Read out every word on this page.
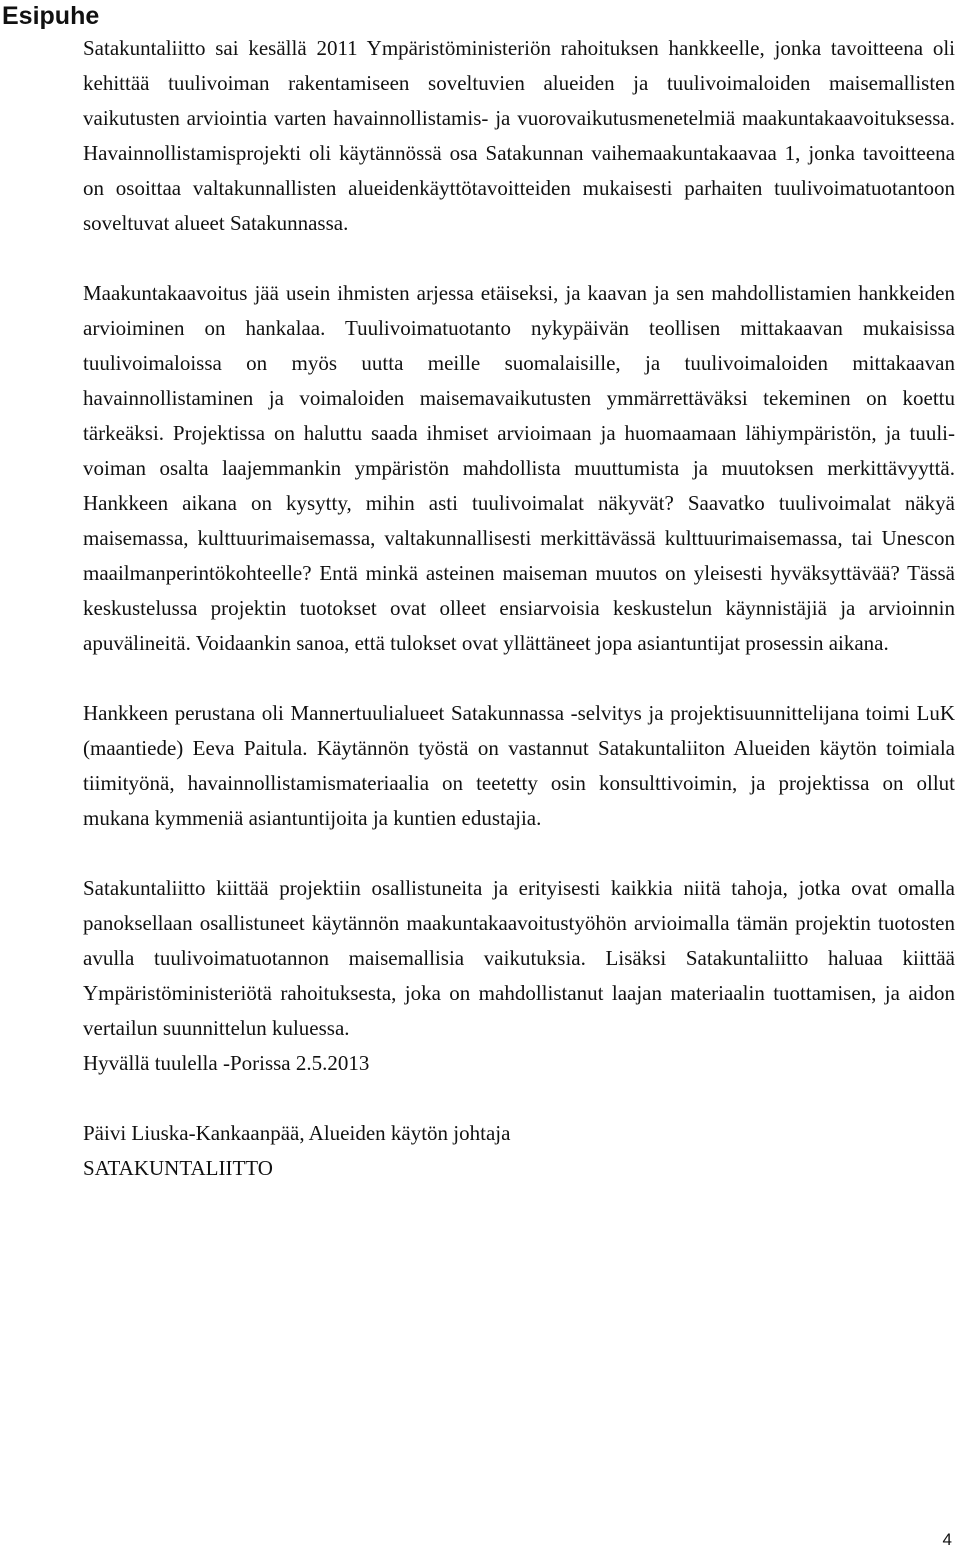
Esipuhe

Satakuntaliitto sai kesällä 2011 Ympäristöministeriön rahoituksen hankkeelle, jonka tavoitteena oli kehittää tuulivoiman rakentamiseen soveltuvien alueiden ja tuulivoimaloiden maisemallisten vaikutusten arviointia varten havainnollistamis- ja vuorovaikutusmenetelmiä maakuntakaavoituksessa. Havainnollistamisprojekti oli käytännössä osa Satakunnan vaihemaakuntakaavaa 1, jonka tavoitteena on osoittaa valtakunnallisten alueidenkäyttötavoitteiden mukaisesti parhaiten tuulivoimatuotantoon soveltuvat alueet Satakunnassa.

Maakuntakaavoitus jää usein ihmisten arjessa etäiseksi, ja kaavan ja sen mahdollistamien hankkeiden arvioiminen on hankalaa. Tuulivoimatuotanto nykypäivän teollisen mittakaavan mukaisissa tuulivoimaloissa on myös uutta meille suomalaisille, ja tuulivoimaloiden mittakaavan havainnollistaminen ja voimaloiden maisemavaikutusten ymmärrettäväksi tekeminen on koettu tärkeäksi. Projektissa on haluttu saada ihmiset arvioimaan ja huomaamaan lähiympäristön, ja tuulivoiman osalta laajemmankin ympäristön mahdollista muuttumista ja muutoksen merkittävyyttä. Hankkeen aikana on kysytty, mihin asti tuulivoimalat näkyvät? Saavatko tuulivoimalat näkyä maisemassa, kulttuurimaisemassa, valtakunnallisesti merkittävässä kulttuurimaisemassa, tai Unescon maailmanperintökohteelle? Entä minkä asteinen maiseman muutos on yleisesti hyväksyttävää? Tässä keskustelussa projektin tuotokset ovat olleet ensiarvoisia keskustelun käynnistäjiä ja arvioinnin apuvälineitä. Voidaankin sanoa, että tulokset ovat yllättäneet jopa asiantuntijat prosessin aikana.

Hankkeen perustana oli Mannertuulialueet Satakunnassa -selvitys ja projektisuunnittelijana toimi LuK (maantiede) Eeva Paitula. Käytännön työstä on vastannut Satakuntaliiton Alueiden käytön toimiala tiimityönä, havainnollistamismateriaalia on teetetty osin konsulttivoimin, ja projektissa on ollut mukana kymmeniä asiantuntijoita ja kuntien edustajia.

Satakuntaliitto kiittää projektiin osallistuneita ja erityisesti kaikkia niitä tahoja, jotka ovat omalla panoksellaan osallistuneet käytännön maakuntakaavoitustyöhön arvioimalla tämän projektin tuotosten avulla tuulivoimatuotannon maisemallisia vaikutuksia. Lisäksi Satakuntaliitto haluaa kiittää Ympäristöministeriötä rahoituksesta, joka on mahdollistanut laajan materiaalin tuottamisen, ja aidon vertailun suunnittelun kuluessa.

Hyvällä tuulella -Porissa 2.5.2013

Päivi Liuska-Kankaanpää, Alueiden käytön johtaja

SATAKUNTALIITTO

4
